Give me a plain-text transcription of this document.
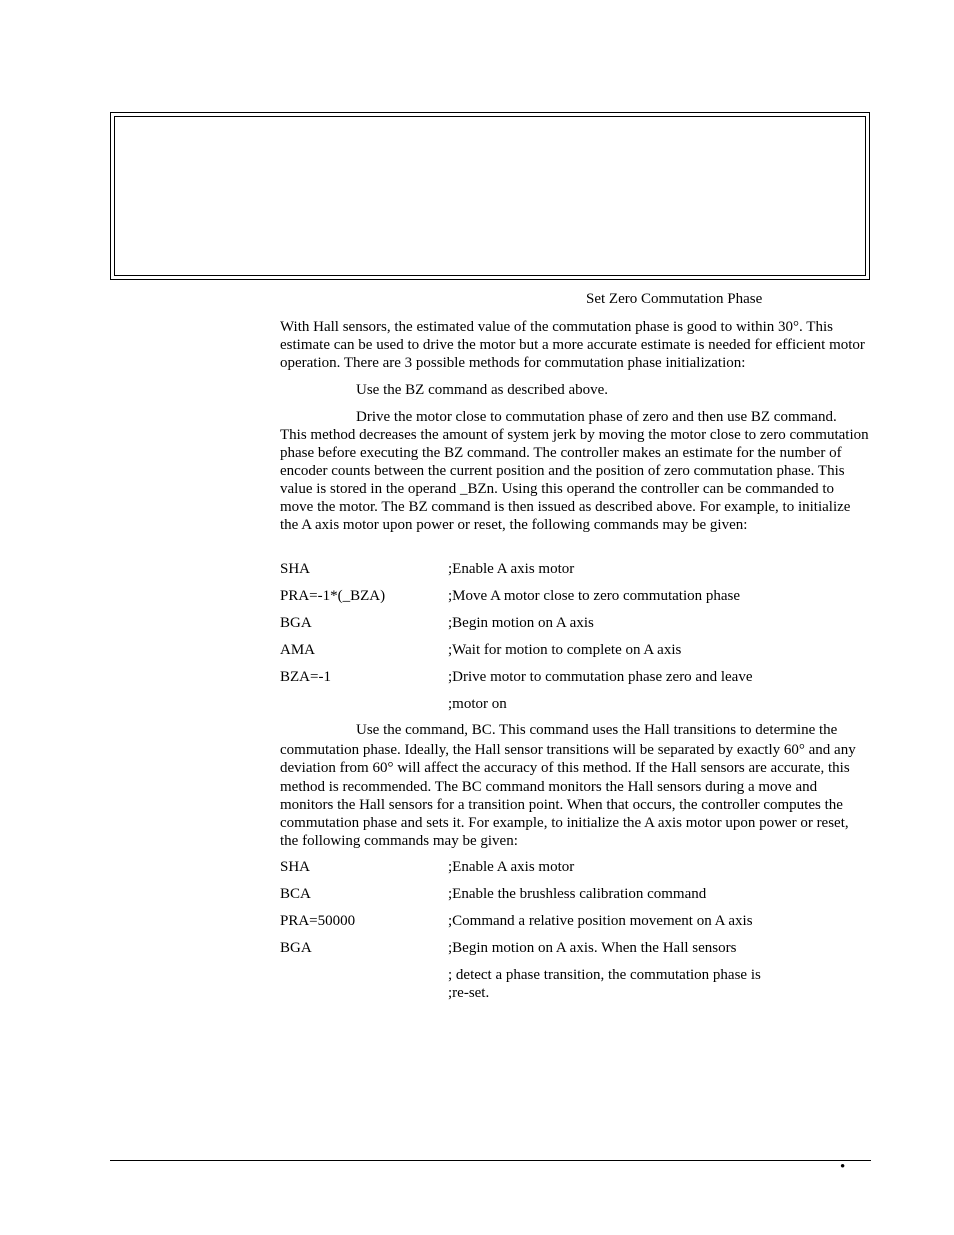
Set Zero Commutation Phase
With Hall sensors, the estimated value of the commutation phase is good to within 30°. This estimate can be used to drive the motor but a more accurate estimate is needed for efficient motor operation. There are 3 possible methods for commutation phase initialization:
Use the BZ command as described above.
Drive the motor close to commutation phase of zero and then use BZ command.
This method decreases the amount of system jerk by moving the motor close to zero commutation phase before executing the BZ command. The controller makes an estimate for the number of encoder counts between the current position and the position of zero commutation phase. This value is stored in the operand _BZn. Using this operand the controller can be commanded to move the motor. The BZ command is then issued as described above. For example, to initialize the A axis motor upon power or reset, the following commands may be given:
SHA	;Enable A axis motor
PRA=-1*(_BZA)	;Move A motor close to zero commutation phase
BGA	;Begin motion on A axis
AMA	;Wait for motion to complete on A axis
BZA=-1	;Drive motor to commutation phase zero and leave
;motor on
Use the command, BC. This command uses the Hall transitions to determine the
commutation phase. Ideally, the Hall sensor transitions will be separated by exactly 60° and any deviation from 60° will affect the accuracy of this method. If the Hall sensors are accurate, this method is recommended. The BC command monitors the Hall sensors during a move and monitors the Hall sensors for a transition point. When that occurs, the controller computes the commutation phase and sets it. For example, to initialize the A axis motor upon power or reset, the following commands may be given:
SHA	;Enable A axis motor
BCA	;Enable the brushless calibration command
PRA=50000	;Command a relative position movement on A axis
BGA	;Begin motion on A axis. When the Hall sensors
; detect a phase transition, the commutation phase is
;re-set.
•
